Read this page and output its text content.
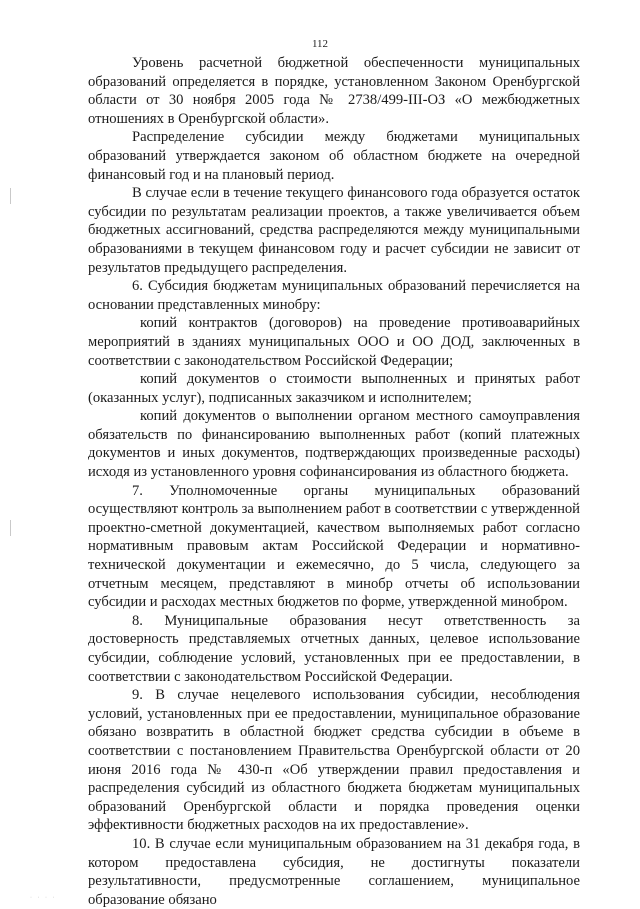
112

Уровень расчетной бюджетной обеспеченности муниципальных образований определяется в порядке, установленном Законом Оренбургской области от 30 ноября 2005 года № 2738/499-III-ОЗ «О межбюджетных отношениях в Оренбургской области».

Распределение субсидии между бюджетами муниципальных образований утверждается законом об областном бюджете на очередной финансовый год и на плановый период.

В случае если в течение текущего финансового года образуется остаток субсидии по результатам реализации проектов, а также увеличивается объем бюджетных ассигнований, средства распределяются между муниципальными образованиями в текущем финансовом году и расчет субсидии не зависит от результатов предыдущего распределения.

6. Субсидия бюджетам муниципальных образований перечисляется на основании представленных минобру:

копий контрактов (договоров) на проведение противоаварийных мероприятий в зданиях муниципальных ООО и ОО ДОД, заключенных в соответствии с законодательством Российской Федерации;

копий документов о стоимости выполненных и принятых работ (оказанных услуг), подписанных заказчиком и исполнителем;

копий документов о выполнении органом местного самоуправления обязательств по финансированию выполненных работ (копий платежных документов и иных документов, подтверждающих произведенные расходы) исходя из установленного уровня софинансирования из областного бюджета.

7. Уполномоченные органы муниципальных образований осуществляют контроль за выполнением работ в соответствии с утвержденной проектно-сметной документацией, качеством выполняемых работ согласно нормативным правовым актам Российской Федерации и нормативно-технической документации и ежемесячно, до 5 числа, следующего за отчетным месяцем, представляют в минобр отчеты об использовании субсидии и расходах местных бюджетов по форме, утвержденной минобром.

8. Муниципальные образования несут ответственность за достоверность представляемых отчетных данных, целевое использование субсидии, соблюдение условий, установленных при ее предоставлении, в соответствии с законодательством Российской Федерации.

9. В случае нецелевого использования субсидии, несоблюдения условий, установленных при ее предоставлении, муниципальное образование обязано возвратить в областной бюджет средства субсидии в объеме в соответствии с постановлением Правительства Оренбургской области от 20 июня 2016 года № 430-п «Об утверждении правил предоставления и распределения субсидий из областного бюджета бюджетам муниципальных образований Оренбургской области и порядка проведения оценки эффективности бюджетных расходов на их предоставление».

10. В случае если муниципальным образованием на 31 декабря года, в котором предоставлена субсидия, не достигнуты показатели результативности, предусмотренные соглашением, муниципальное образование обязано

· · · ·
